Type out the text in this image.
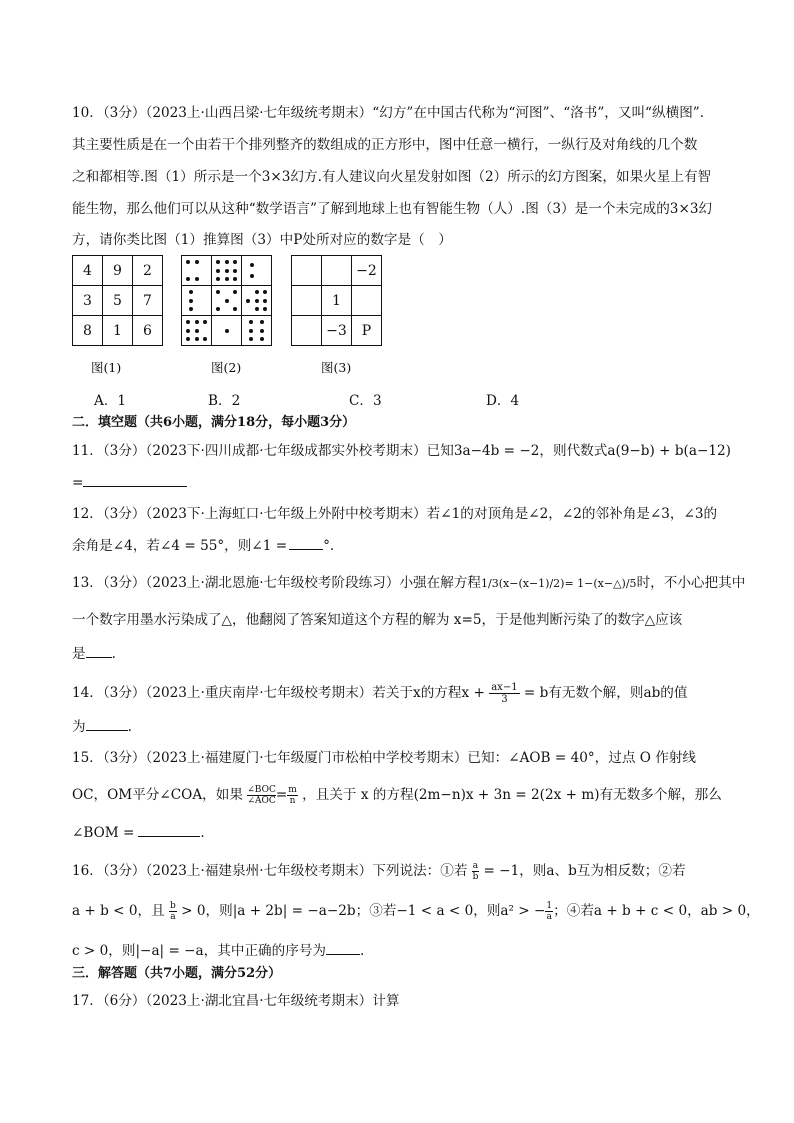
10．（3分）（2023上·山西吕梁·七年级统考期末）“幻方”在中国古代称为“河图”、“洛书”，又叫“纵横图”.
其主要性质是在一个由若干个排列整齐的数组成的正方形中，图中任意一横行，一纵行及对角线的几个数
之和都相等.图（1）所示是一个3×3幻方.有人建议向火星发射如图（2）所示的幻方图案，如果火星上有智
能生物，那么他们可以从这种“数学语言”了解到地球上也有智能生物（人）.图（3）是一个未完成的3×3幻
方，请你类比图（1）推算图（3）中P处所对应的数字是（　）
4	9	2
3	5	7
8	1	6
图(1)

		图(2)
		−2
	1	
	−3	P
图(3)
A．1	B．2	C．3	D．4
二．填空题（共6小题，满分18分，每小题3分）
11．（3分）（2023下·四川成都·七年级成都实外校考期末）已知3a−4b = −2，则代数式a(9−b) + b(a−12)
=
12．（3分）（2023下·上海虹口·七年级上外附中校考期末）若∠1的对顶角是∠2，∠2的邻补角是∠3，∠3的
余角是∠4，若∠4 = 55°，则∠1 =	°.
13．（3分）（2023上·湖北恩施·七年级校考阶段练习）小强在解方程1/3(x−(x−1)/2)= 1−(x−△)/5时，不小心把其中
一个数字用墨水污染成了△，他翻阅了答案知道这个方程的解为 x=5，于是他判断污染了的数字△应该
是 .
14．（3分）（2023上·重庆南岸·七年级校考期末）若关于x的方程$x + \frac{ax-1}{3} = b$有无数个解，则ab的值
为	.
15．（3分）（2023上·福建厦门·七年级厦门市松柏中学校考期末）已知：∠AOB = 40°，过点 O 作射线
OC，OM平分∠COA，如果 ∠BOC
∠AOC = $\frac{m}{n}$ ，且关于 x 的方程(2m−n)x + 3n = 2(2x + m)有无数多个解，那么
∠BOM =	.
16．（3分）（2023上·福建泉州·七年级校考期末）下列说法：①若 $\frac{a}{b} = -1$，则a、b互为相反数；②若
a + b < 0，且 $\frac{b}{a} > 0$，则|a + 2b| = −a−2b；③若−1 < a < 0，则a² > − $\frac{1}{a}$ ；④若a + b + c < 0，ab > 0，
c > 0，则|−a| = −a，其中正确的序号为	.
三．解答题（共7小题，满分52分）
17．（6分）（2023上·湖北宜昌·七年级统考期末）计算
